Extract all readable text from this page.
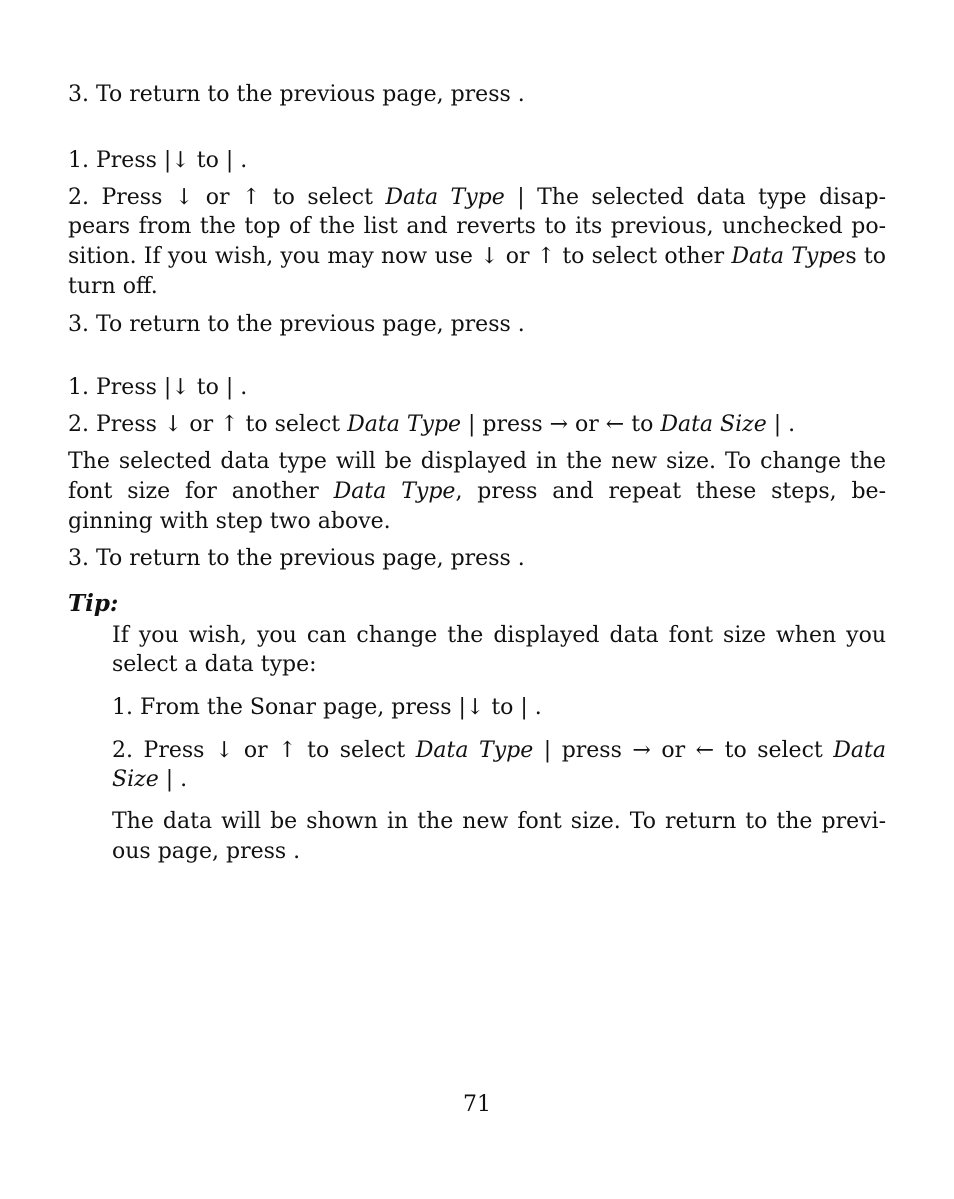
3. To return to the previous page, press .
1. Press |↓ to | .
2. Press ↓ or ↑ to select Data Type | The selected data type disap-
pears from the top of the list and reverts to its previous, unchecked po-
sition. If you wish, you may now use ↓ or ↑ to select other Data Types to
turn off.
3. To return to the previous page, press .
1. Press |↓ to | .
2. Press ↓ or ↑ to select Data Type | press → or ← to Data Size | .
The selected data type will be displayed in the new size. To change the
font size for another Data Type, press and repeat these steps, be-
ginning with step two above.
3. To return to the previous page, press .
Tip:
If you wish, you can change the displayed data font size when you
select a data type:
1. From the Sonar page, press |↓ to | .
2. Press ↓ or ↑ to select Data Type | press → or ← to select Data
Size | .
The data will be shown in the new font size. To return to the previ-
ous page, press .
71
